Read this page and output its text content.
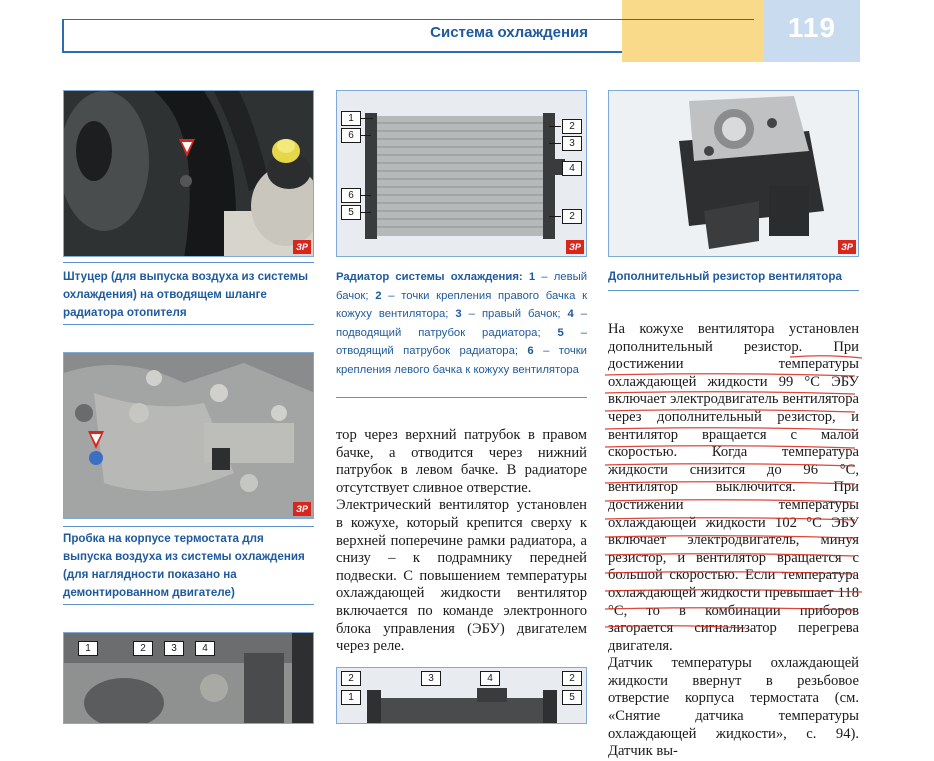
Система охлаждения	119
ЗР
Штуцер (для выпуска воздуха из системы охлаждения) на отводящем шланге радиатора отопителя
ЗР
Пробка на корпусе термостата для выпуска воздуха из системы охлаждения (для наглядности показано на демонтированном двигателе)
1	2	3	4
1
6
6
5
2
3
4
2
ЗР
Радиатор системы охлаждения: 1 – левый бачок; 2 – точки крепления правого бачка к кожуху вентилятора; 3 – правый бачок; 4 – подводящий патрубок радиатора; 5 – отводящий патрубок радиатора; 6 – точки крепления левого бачка к кожуху вентилятора

тор через верхний патрубок в правом бачке, а отводится через нижний патрубок в левом бачке. В радиаторе отсутствует сливное отверстие.

Электрический вентилятор установлен в кожухе, который крепится сверху к верхней поперечине рамки радиатора, а снизу – к подрамнику передней подвески. С повышением температуры охлаждающей жидкости вентилятор включается по команде электронного блока управления (ЭБУ) двигателем через реле.

2
1
3	4	2
5
ЗР
Дополнительный резистор вентилятора

На кожухе вентилятора установлен дополнительный резистор. При достижении температуры охлаждающей жидкости 99 °С ЭБУ включает электродвигатель вентилятора через дополнительный резистор, и вентилятор вращается с малой скоростью. Когда температура жидкости снизится до 96 °С, вентилятор выключится. При достижении температуры охлаждающей жидкости 102 °С ЭБУ включает электродвигатель, минуя резистор, и вентилятор вращается с большой скоростью. Если температура охлаждающей жидкости превышает 118 °С, то в комбинации приборов загорается сигнализатор перегрева двигателя.

Датчик температуры охлаждающей жидкости ввернут в резьбовое отверстие корпуса термостата (см. «Снятие датчика температуры охлаждающей жидкости», с. 94). Датчик вы-
